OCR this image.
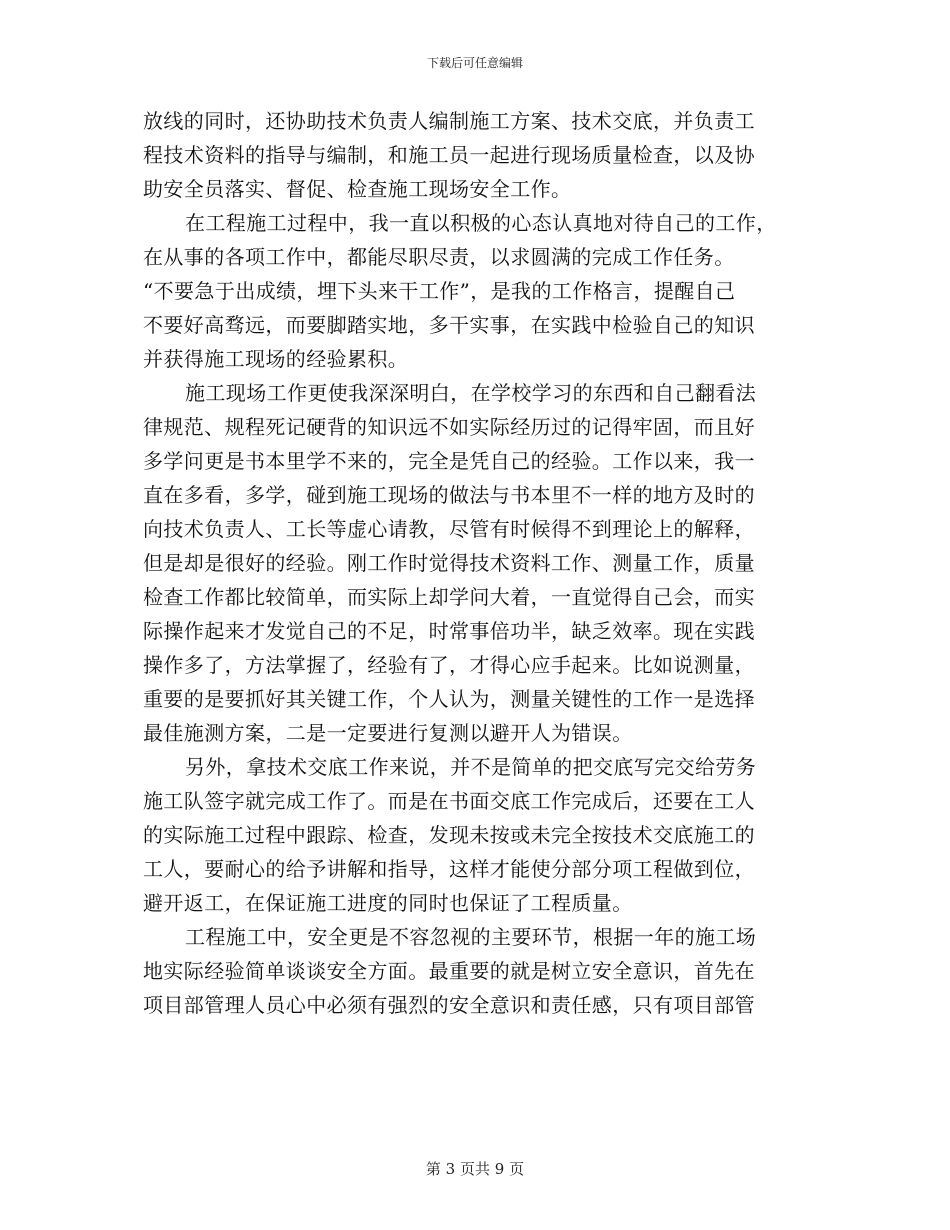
下载后可任意编辑
放线的同时，还协助技术负责人编制施工方案、技术交底，并负责工
程技术资料的指导与编制，和施工员一起进行现场质量检查，以及协
助安全员落实、督促、检查施工现场安全工作。
在工程施工过程中，我一直以积极的心态认真地对待自己的工作，
在从事的各项工作中，都能尽职尽责，以求圆满的完成工作任务。
“不要急于出成绩，埋下头来干工作”，是我的工作格言，提醒自己
不要好高骛远，而要脚踏实地，多干实事，在实践中检验自己的知识
并获得施工现场的经验累积。
施工现场工作更使我深深明白，在学校学习的东西和自己翻看法
律规范、规程死记硬背的知识远不如实际经历过的记得牢固，而且好
多学问更是书本里学不来的，完全是凭自己的经验。工作以来，我一
直在多看，多学，碰到施工现场的做法与书本里不一样的地方及时的
向技术负责人、工长等虚心请教，尽管有时候得不到理论上的解释，
但是却是很好的经验。刚工作时觉得技术资料工作、测量工作，质量
检查工作都比较简单，而实际上却学问大着，一直觉得自己会，而实
际操作起来才发觉自己的不足，时常事倍功半，缺乏效率。现在实践
操作多了，方法掌握了，经验有了，才得心应手起来。比如说测量，
重要的是要抓好其关键工作，个人认为，测量关键性的工作一是选择
最佳施测方案，二是一定要进行复测以避开人为错误。
另外，拿技术交底工作来说，并不是简单的把交底写完交给劳务
施工队签字就完成工作了。而是在书面交底工作完成后，还要在工人
的实际施工过程中跟踪、检查，发现未按或未完全按技术交底施工的
工人，要耐心的给予讲解和指导，这样才能使分部分项工程做到位，
避开返工，在保证施工进度的同时也保证了工程质量。
工程施工中，安全更是不容忽视的主要环节，根据一年的施工场
地实际经验简单谈谈安全方面。最重要的就是树立安全意识，首先在
项目部管理人员心中必须有强烈的安全意识和责任感，只有项目部管
第 3 页共 9 页
